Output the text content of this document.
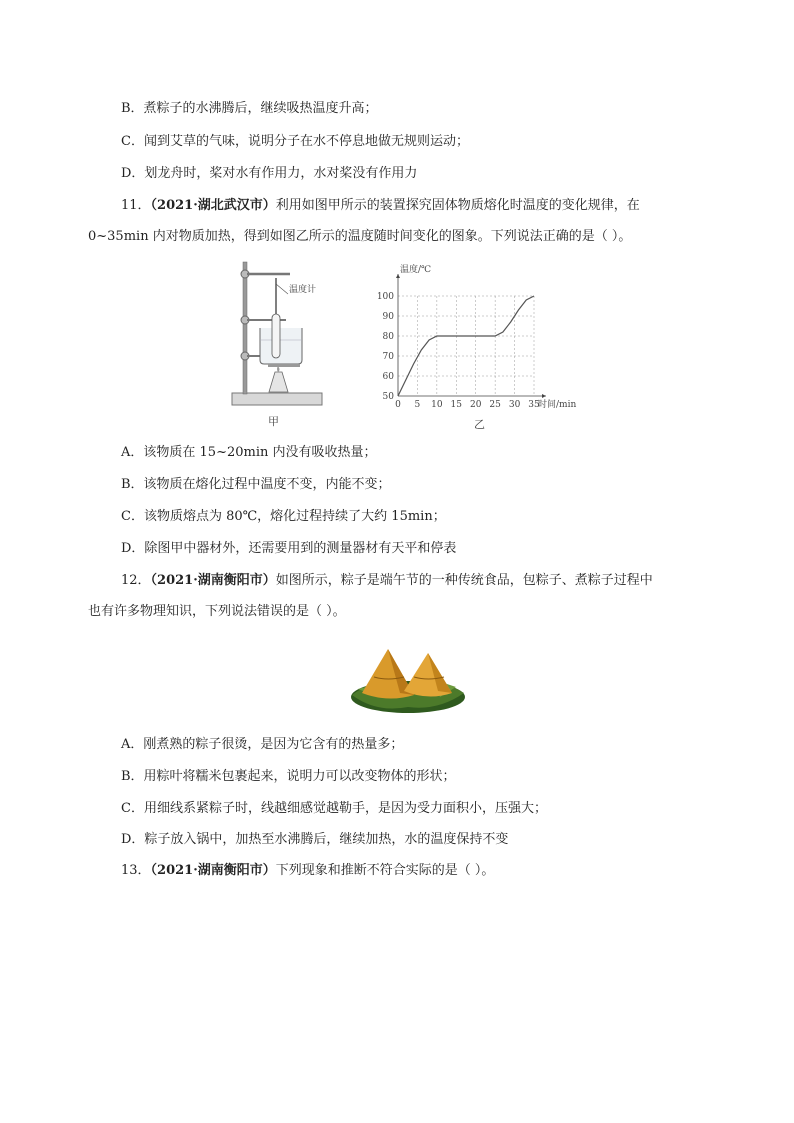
B．煮粽子的水沸腾后，继续吸热温度升高；
C．闻到艾草的气味，说明分子在水不停息地做无规则运动；
D．划龙舟时，桨对水有作用力，水对桨没有作用力
11．（2021·湖北武汉市）利用如图甲所示的装置探究固体物质熔化时温度的变化规律，在
0~35min 内对物质加热，得到如图乙所示的温度随时间变化的图象。下列说法正确的是（ ）。
温度计
甲
0 5 10 15 20 25 30 35
50
60
70
80
90
100
温度/℃
时间/min
乙
A．该物质在 15~20min 内没有吸收热量；
B．该物质在熔化过程中温度不变，内能不变；
C．该物质熔点为 80℃，熔化过程持续了大约 15min；
D．除图甲中器材外，还需要用到的测量器材有天平和停表
12．（2021·湖南衡阳市）如图所示，粽子是端午节的一种传统食品，包粽子、煮粽子过程中
也有许多物理知识，下列说法错误的是（ ）。
A．刚煮熟的粽子很烫，是因为它含有的热量多；
B．用粽叶将糯米包裹起来，说明力可以改变物体的形状；
C．用细线系紧粽子时，线越细感觉越勒手，是因为受力面积小，压强大；
D．粽子放入锅中，加热至水沸腾后，继续加热，水的温度保持不变
13．（2021·湖南衡阳市）下列现象和推断不符合实际的是（ ）。
